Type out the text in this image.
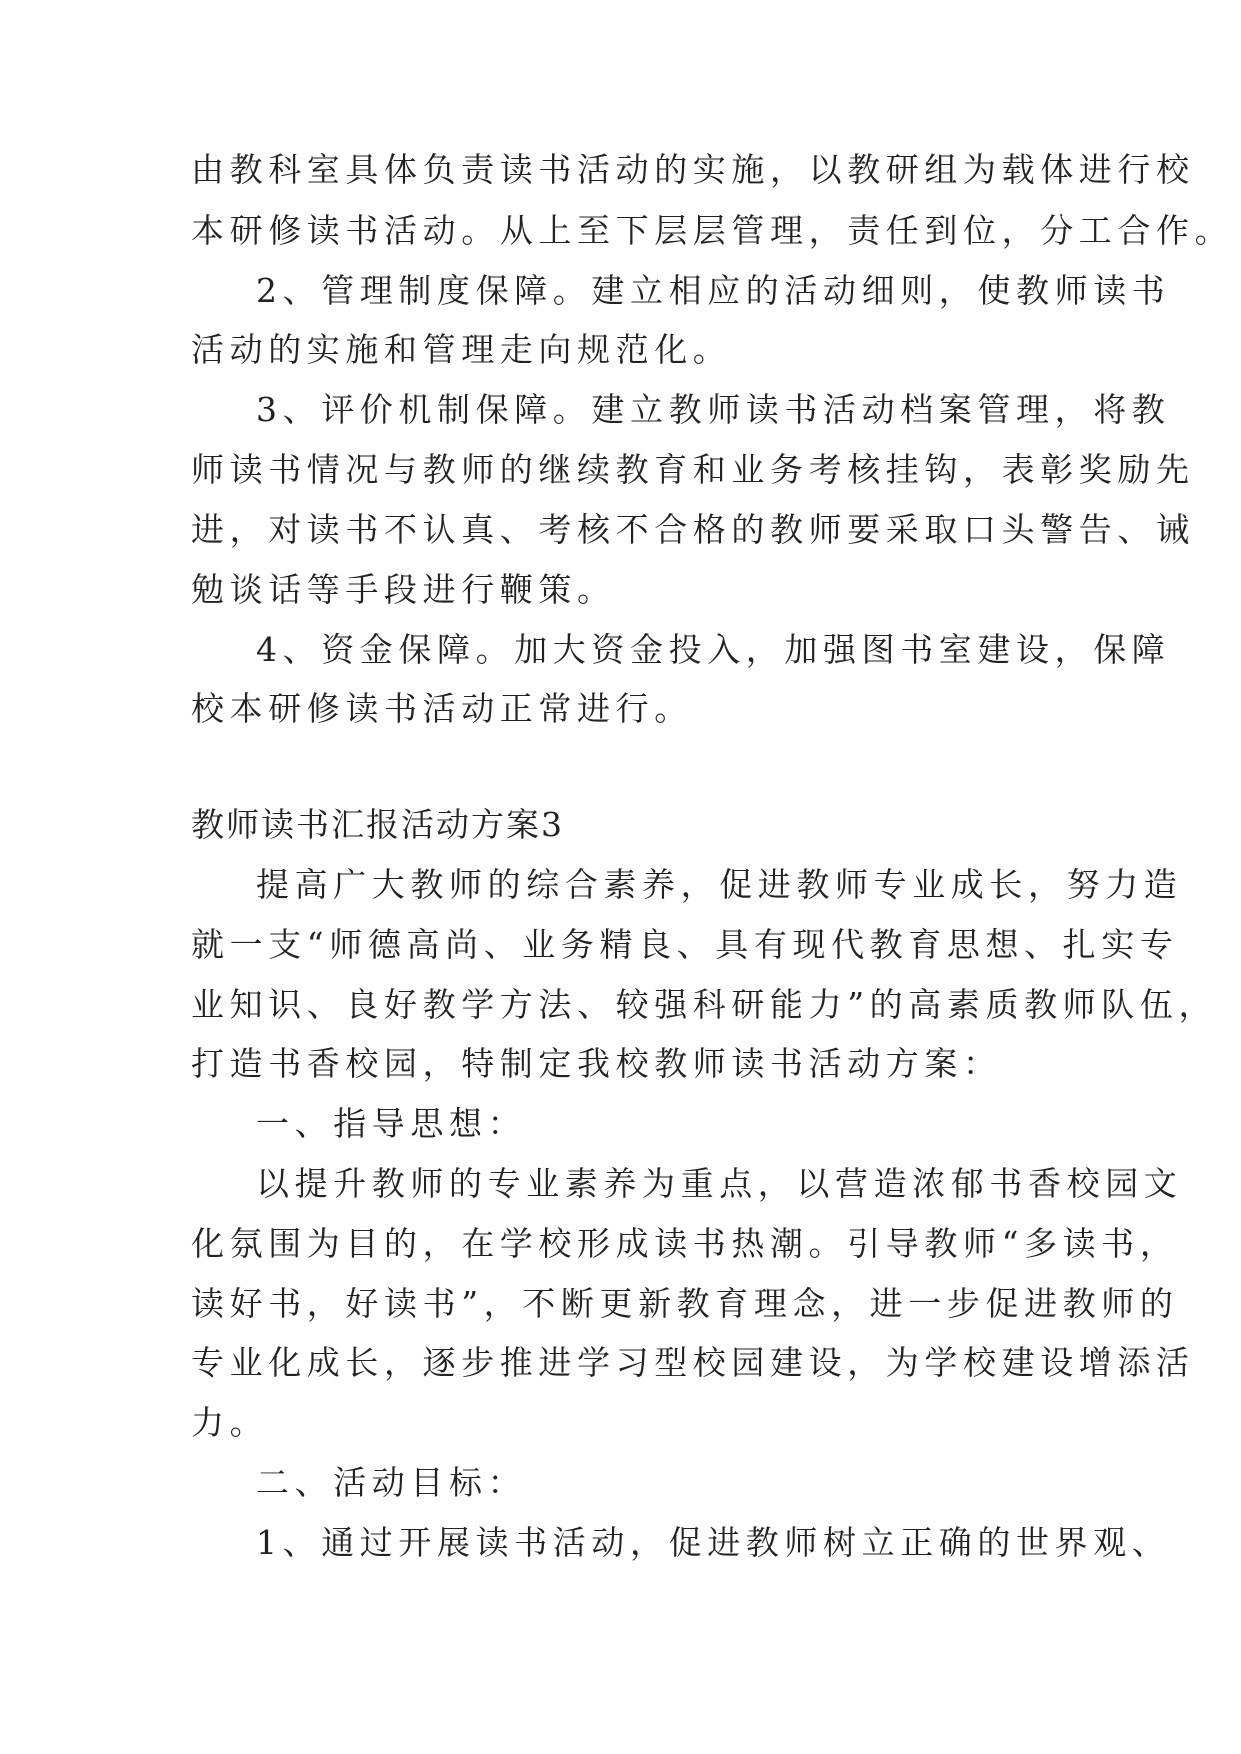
由教科室具体负责读书活动的实施，以教研组为载体进行校
本研修读书活动。从上至下层层管理，责任到位，分工合作。
2、管理制度保障。建立相应的活动细则，使教师读书
活动的实施和管理走向规范化。
3、评价机制保障。建立教师读书活动档案管理，将教
师读书情况与教师的继续教育和业务考核挂钩，表彰奖励先
进，对读书不认真、考核不合格的教师要采取口头警告、诫
勉谈话等手段进行鞭策。
4、资金保障。加大资金投入，加强图书室建设，保障
校本研修读书活动正常进行。
教师读书汇报活动方案3
提高广大教师的综合素养，促进教师专业成长，努力造
就一支“师德高尚、业务精良、具有现代教育思想、扎实专
业知识、良好教学方法、较强科研能力”的高素质教师队伍，
打造书香校园，特制定我校教师读书活动方案：
一、指导思想：
以提升教师的专业素养为重点，以营造浓郁书香校园文
化氛围为目的，在学校形成读书热潮。引导教师“多读书，
读好书，好读书”，不断更新教育理念，进一步促进教师的
专业化成长，逐步推进学习型校园建设，为学校建设增添活
力。
二、活动目标：
1、通过开展读书活动，促进教师树立正确的世界观、
